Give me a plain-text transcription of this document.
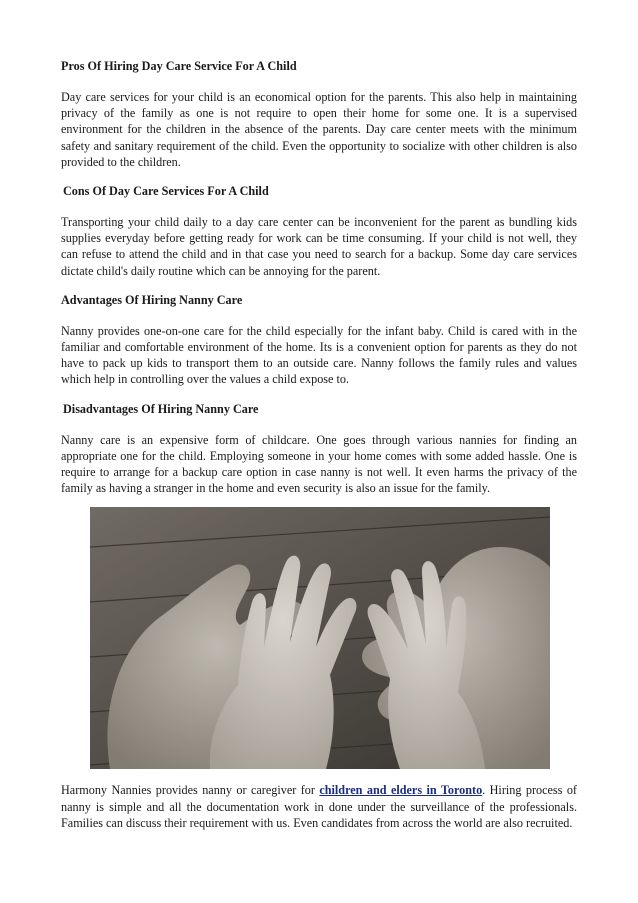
Pros Of Hiring Day Care Service For A Child

Day care services for your child is an economical option for the parents. This also help in maintaining privacy of the family as one is not require to open their home for some one. It is a supervised environment for the children in the absence of the parents. Day care center meets with the minimum safety and sanitary requirement of the child. Even the opportunity to socialize with other children is also provided to the children.

Cons Of Day Care Services For A Child

Transporting your child daily to a day care center can be inconvenient for the parent as bundling kids supplies everyday before getting ready for work can be time consuming. If your child is not well, they can refuse to attend the child and in that case you need to search for a backup. Some day care services dictate child's daily routine which can be annoying for the parent.

Advantages Of Hiring Nanny Care

Nanny provides one-on-one care for the child especially for the infant baby. Child is cared with in the familiar and comfortable environment of the home. Its is a convenient option for parents as they do not have to pack up kids to transport them to an outside care. Nanny follows the family rules and values which help in controlling over the values a child expose to.

Disadvantages Of Hiring Nanny Care

Nanny care is an expensive form of childcare. One goes through various nannies for finding an appropriate one for the child. Employing someone in your home comes with some added hassle. One is require to arrange for a backup care option in case nanny is not well. It even harms the privacy of the family as having a stranger in the home and even security is also an issue for the family.

Harmony Nannies provides nanny or caregiver for children and elders in Toronto. Hiring process of nanny is simple and all the documentation work in done under the surveillance of the professionals. Families can discuss their requirement with us. Even candidates from across the world are also recruited.
